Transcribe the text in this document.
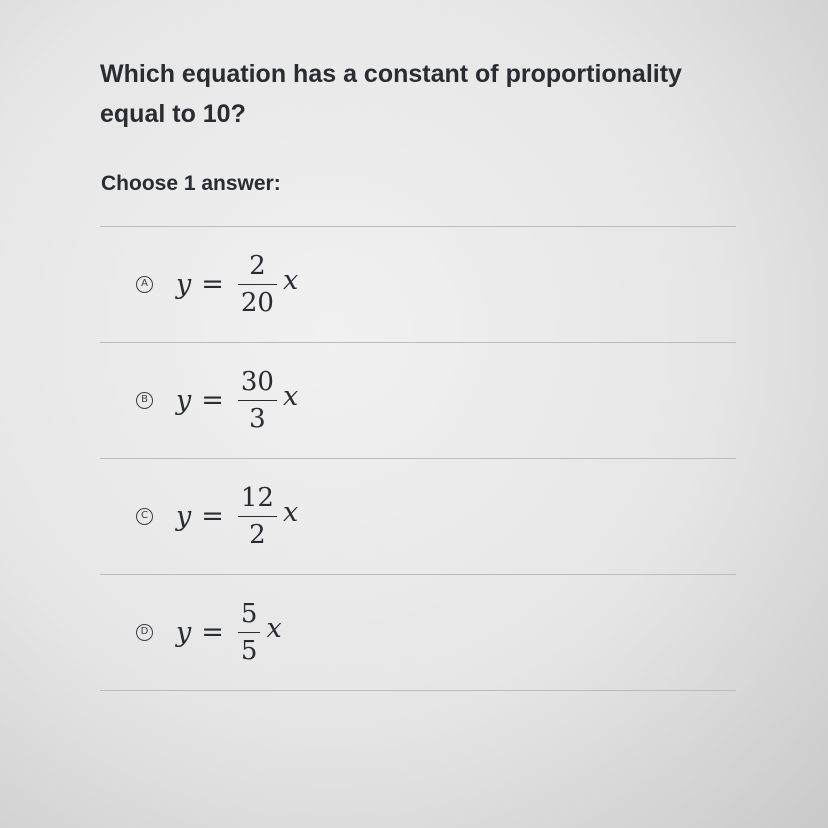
Which equation has a constant of proportionality
equal to 10?
Choose 1 answer:
A $y = \frac{2}{20}$ x
B $y = \frac{30}{3}$ x
C $y = \frac{12}{2}$ x
D $y = \frac{5}{5}$ x
